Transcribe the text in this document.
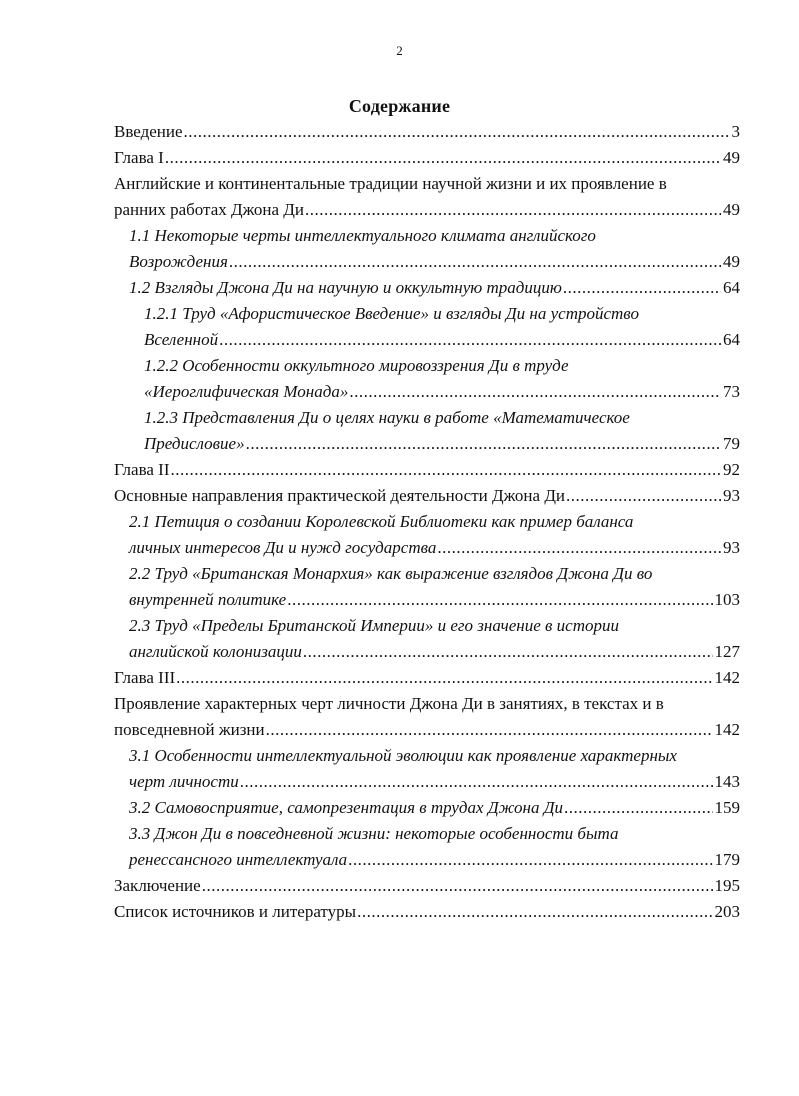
2
Содержание
Введение .....	3
Глава I .....	49
Английские и континентальные традиции научной жизни и их проявление в
ранних работах Джона Ди .....	49
1.1 Некоторые черты интеллектуального климата английского
Возрождения .....	49
1.2 Взгляды Джона Ди на научную и оккультную традицию .....	64
1.2.1 Труд «Афористическое Введение» и взгляды Ди на устройство
Вселенной .....	64
1.2.2 Особенности оккультного мировоззрения Ди в труде
«Иероглифическая Монада» .....	73
1.2.3 Представления Ди о целях науки в работе «Математическое
Предисловие» .....	79
Глава II .....	92
Основные направления практической деятельности Джона Ди .....	93
2.1 Петиция о создании Королевской Библиотеки как пример баланса
личных интересов Ди и нужд государства .....	93
2.2 Труд «Британская Монархия» как выражение взглядов Джона Ди во
внутренней политике .....	103
2.3 Труд «Пределы Британской Империи» и его значение в истории
английской колонизации .....	127
Глава III .....	142
Проявление характерных черт личности Джона Ди в занятиях, в текстах и в
повседневной жизни .....	142
3.1 Особенности интеллектуальной эволюции как проявление характерных
черт личности .....	143
3.2 Самовосприятие, самопрезентация в трудах Джона Ди .....	159
3.3 Джон Ди в повседневной жизни: некоторые особенности быта
ренессансного интеллектуала .....	179
Заключение .....	195
Список источников и литературы .....	203
